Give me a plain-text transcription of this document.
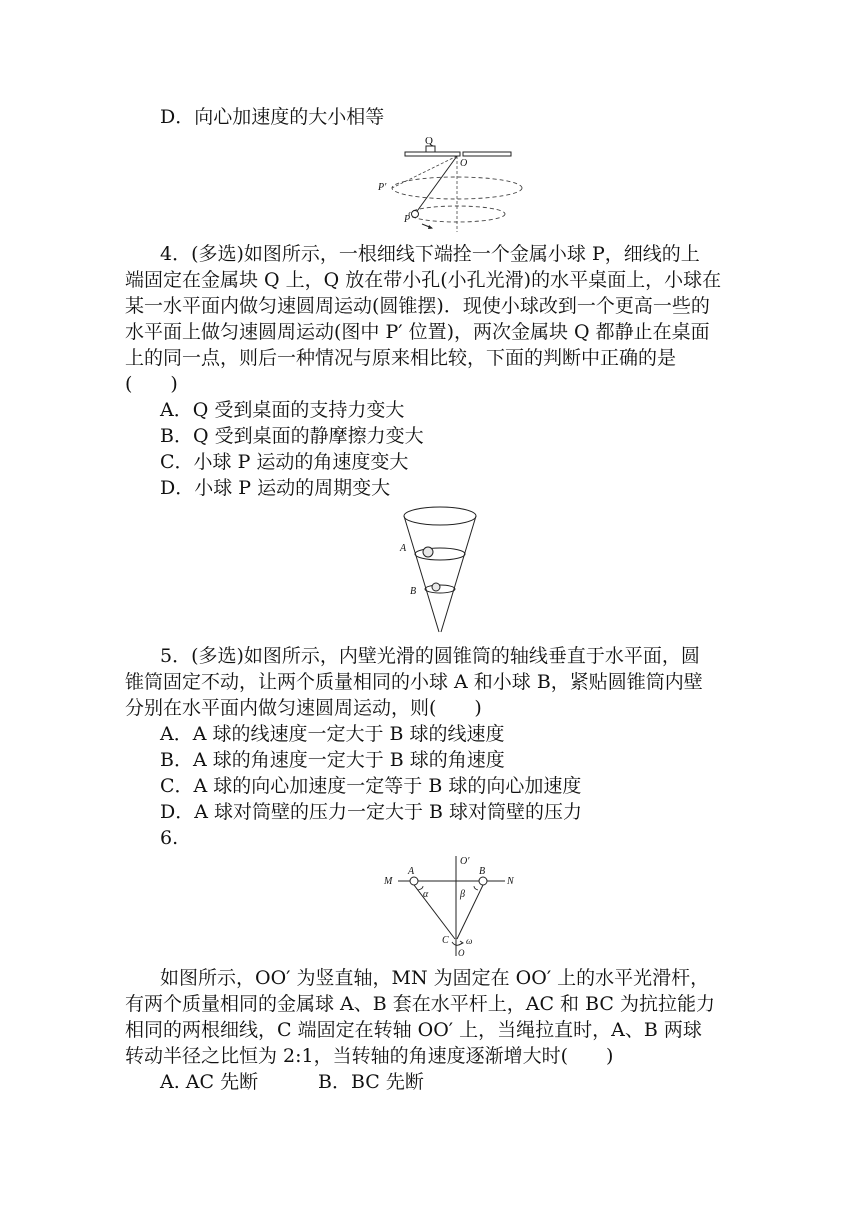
D．向心加速度的大小相等
Q
O
P′
P
4．(多选)如图所示，一根细线下端拴一个金属小球 P，细线的上
端固定在金属块 Q 上，Q 放在带小孔(小孔光滑)的水平桌面上，小球在
某一水平面内做匀速圆周运动(圆锥摆)．现使小球改到一个更高一些的
水平面上做匀速圆周运动(图中 P′ 位置)，两次金属块 Q 都静止在桌面
上的同一点，则后一种情况与原来相比较，下面的判断中正确的是
(　　)
A．Q 受到桌面的支持力变大
B．Q 受到桌面的静摩擦力变大
C．小球 P 运动的角速度变大
D．小球 P 运动的周期变大
A
B
5．(多选)如图所示，内壁光滑的圆锥筒的轴线垂直于水平面，圆
锥筒固定不动，让两个质量相同的小球 A 和小球 B，紧贴圆锥筒内壁
分别在水平面内做匀速圆周运动，则(　　)
A．A 球的线速度一定大于 B 球的线速度
B．A 球的角速度一定大于 B 球的角速度
C．A 球的向心加速度一定等于 B 球的向心加速度
D．A 球对筒壁的压力一定大于 B 球对筒壁的压力
6.
O′
M	N
A	B
α	β
C ω
O
如图所示，OO′ 为竖直轴，MN 为固定在 OO′ 上的水平光滑杆，
有两个质量相同的金属球 A、B 套在水平杆上，AC 和 BC 为抗拉能力
相同的两根细线，C 端固定在转轴 OO′ 上，当绳拉直时，A、B 两球
转动半径之比恒为 2:1，当转轴的角速度逐渐增大时(　　)
A. AC 先断	B．BC 先断
